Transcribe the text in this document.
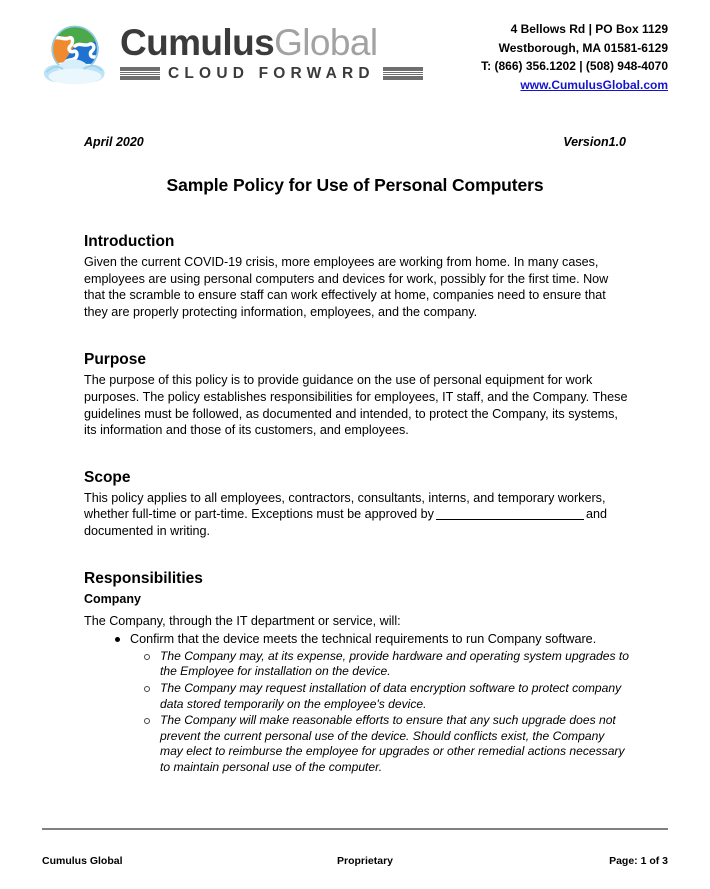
CumulusGlobal
CLOUD FORWARD
4 Bellows Rd | PO Box 1129
Westborough, MA 01581-6129
T: (866) 356.1202 | (508) 948-4070
www.CumulusGlobal.com
April 2020	Version1.0
Sample Policy for Use of Personal Computers
Introduction

Given the current COVID-19 crisis, more employees are working from home. In many cases, employees are using personal computers and devices for work, possibly for the first time. Now that the scramble to ensure staff can work effectively at home, companies need to ensure that they are properly protecting information, employees, and the company.

Purpose

The purpose of this policy is to provide guidance on the use of personal equipment for work purposes. The policy establishes responsibilities for employees, IT staff, and the Company. These guidelines must be followed, as documented and intended, to protect the Company, its systems, its information and those of its customers, and employees.

Scope

This policy applies to all employees, contractors, consultants, interns, and temporary workers, whether full-time or part-time. Exceptions must be approved by	and documented in writing.

Responsibilities
Company

The Company, through the IT department or service, will:

Confirm that the device meets the technical requirements to run Company software.
The Company may, at its expense, provide hardware and operating system upgrades to the Employee for installation on the device.
The Company may request installation of data encryption software to protect company data stored temporarily on the employee's device.
The Company will make reasonable efforts to ensure that any such upgrade does not prevent the current personal use of the device. Should conflicts exist, the Company may elect to reimburse the employee for upgrades or other remedial actions necessary to maintain personal use of the computer.
Cumulus Global	Proprietary	Page: 1 of 3
